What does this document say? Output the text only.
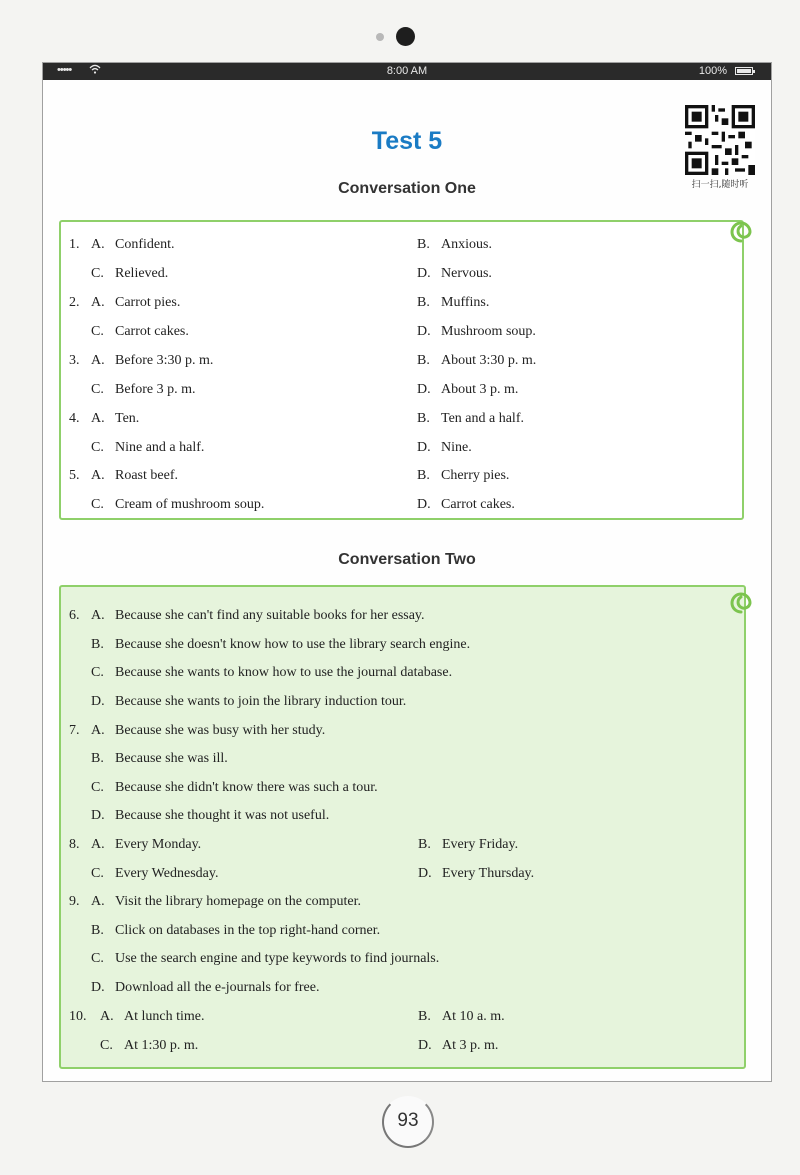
•••••	8:00 AM	100%
Test 5
扫一扫,随时听
Conversation One
1. A. Confident.	B. Anxious.
C. Relieved.	D. Nervous.
2. A. Carrot pies.	B. Muffins.
C. Carrot cakes.	D. Mushroom soup.
3. A. Before 3:30 p. m.	B. About 3:30 p. m.
C. Before 3 p. m.	D. About 3 p. m.
4. A. Ten.	B. Ten and a half.
C. Nine and a half.	D. Nine.
5. A. Roast beef.	B. Cherry pies.
C. Cream of mushroom soup.	D. Carrot cakes.
Conversation Two
6. A. Because she can't find any suitable books for her essay.
B. Because she doesn't know how to use the library search engine.
C. Because she wants to know how to use the journal database.
D. Because she wants to join the library induction tour.
7. A. Because she was busy with her study.
B. Because she was ill.
C. Because she didn't know there was such a tour.
D. Because she thought it was not useful.
8. A. Every Monday.	B. Every Friday.
C. Every Wednesday.	D. Every Thursday.
9. A. Visit the library homepage on the computer.
B. Click on databases in the top right-hand corner.
C. Use the search engine and type keywords to find journals.
D. Download all the e-journals for free.
10. A. At lunch time.	B. At 10 a. m.
C. At 1:30 p. m.	D. At 3 p. m.
93
